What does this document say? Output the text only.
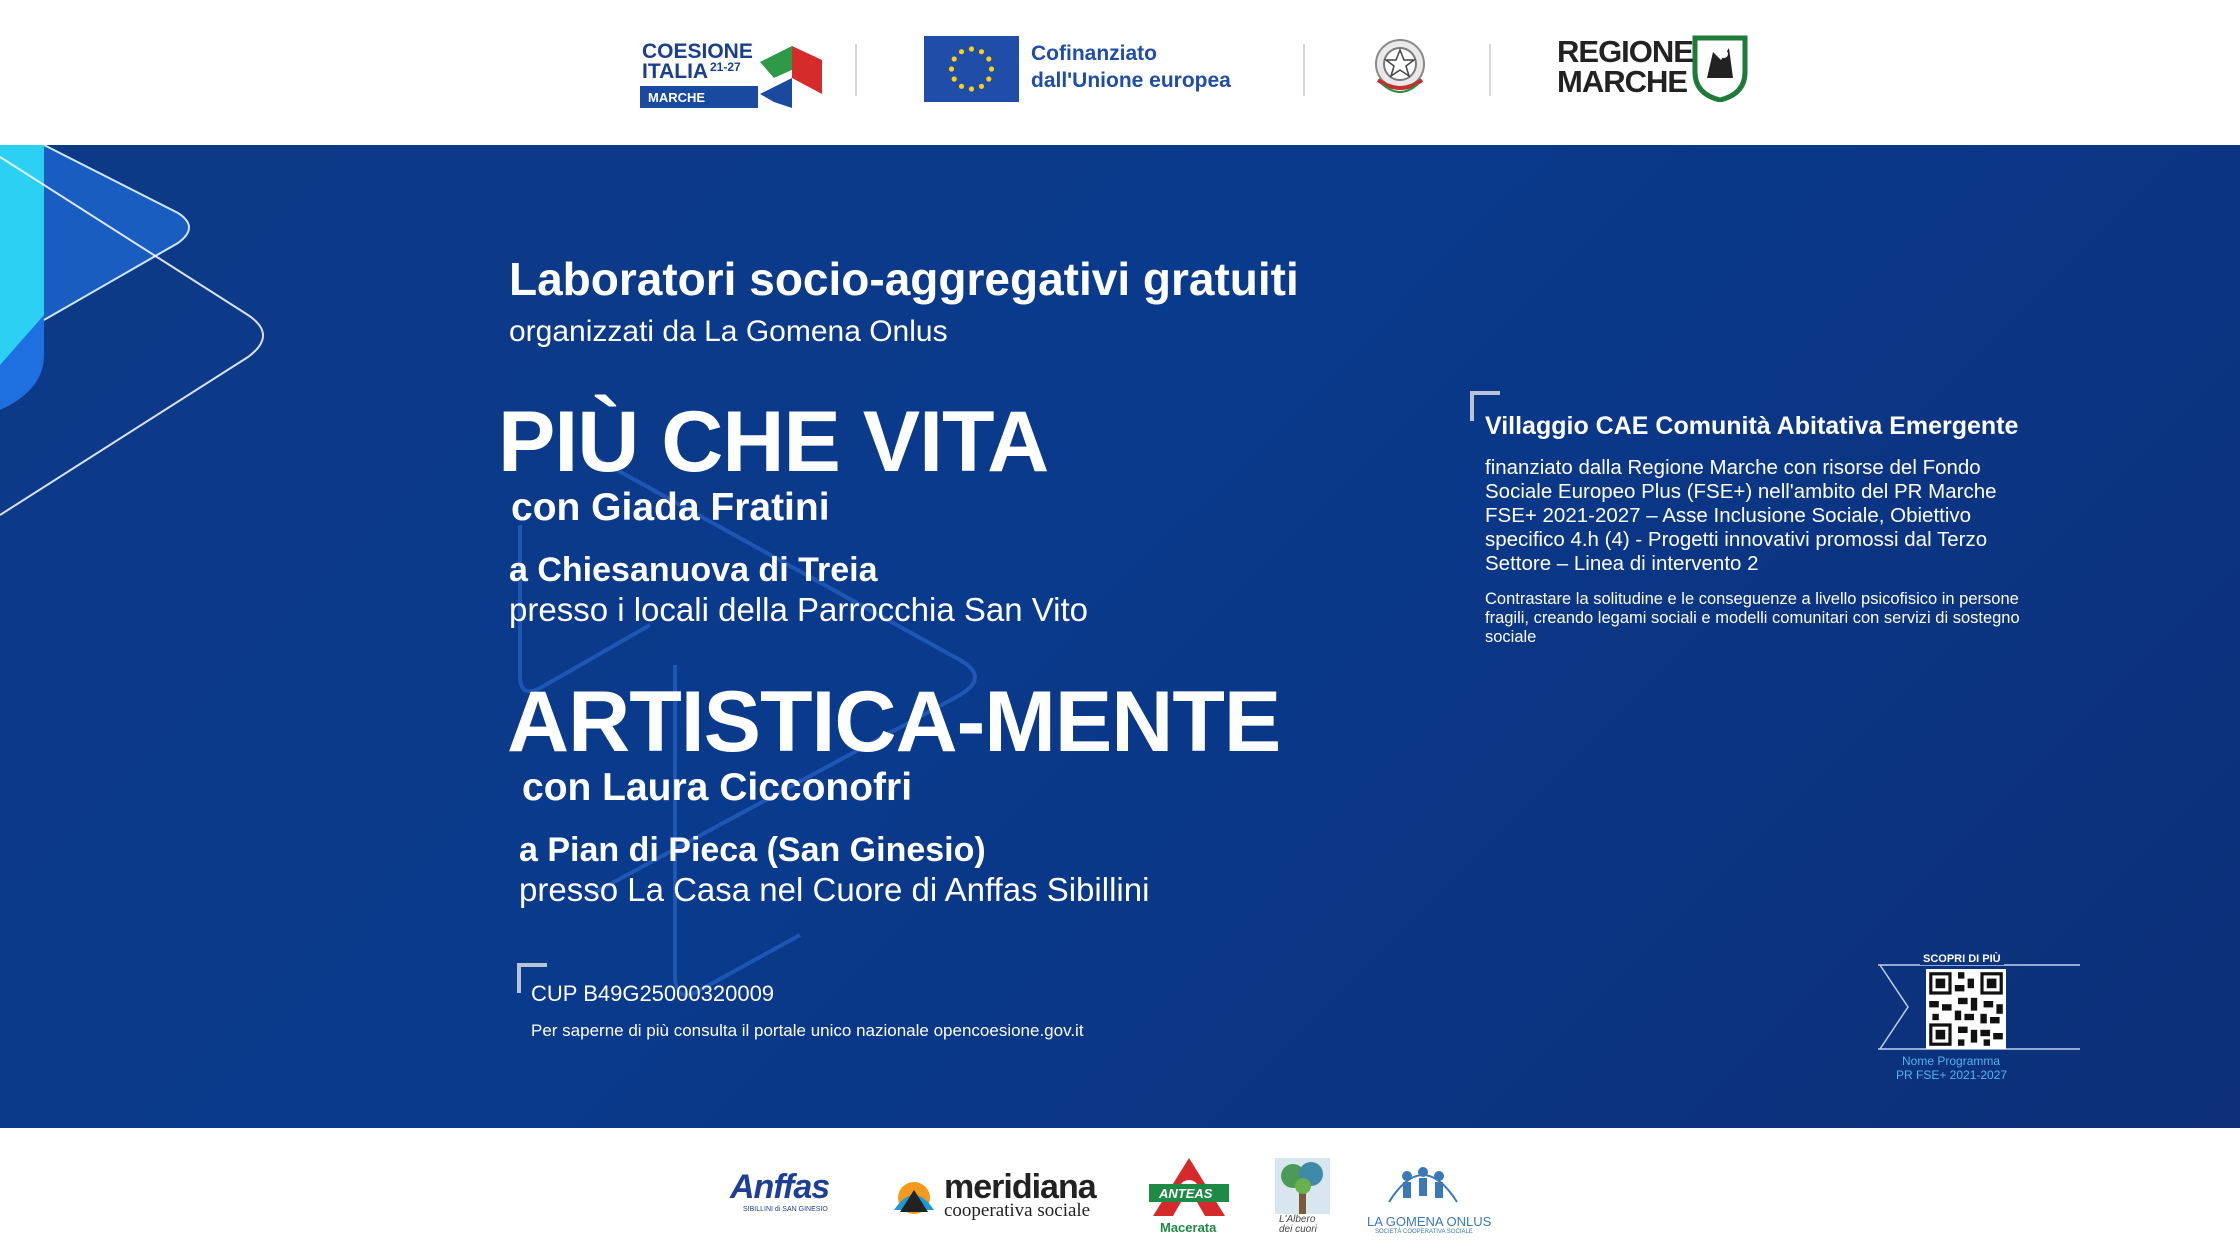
COESIONE
ITALIA 21-27
MARCHE
Cofinanziato
dall'Unione europea
REGIONE
MARCHE
Laboratori socio-aggregativi gratuiti
organizzati da La Gomena Onlus
PIÙ CHE VITA
con Giada Fratini
a Chiesanuova di Treia
presso i locali della Parrocchia San Vito
ARTISTICA-MENTE
con Laura Cicconofri
a Pian di Pieca (San Ginesio)
presso La Casa nel Cuore di Anffas Sibillini
CUP B49G25000320009
Per saperne di più consulta il portale unico nazionale opencoesione.gov.it
Villaggio CAE Comunità Abitativa Emergente
finanziato dalla Regione Marche con risorse del Fondo
Sociale Europeo Plus (FSE+) nell'ambito del PR Marche
FSE+ 2021-2027 – Asse Inclusione Sociale, Obiettivo
specifico 4.h (4) - Progetti innovativi promossi dal Terzo
Settore – Linea di intervento 2
Contrastare la solitudine e le conseguenze a livello psicofisico in persone
fragili, creando legami sociali e modelli comunitari con servizi di sostegno
sociale
SCOPRI DI PIÙ
Nome Programma
PR FSE+ 2021-2027
Anffas
SIBILLINI di SAN GINESIO
meridiana
cooperativa sociale
ANTEAS
Macerata
L'Albero
dei cuori
LA GOMENA ONLUS
SOCIETÀ COOPERATIVA SOCIALE
